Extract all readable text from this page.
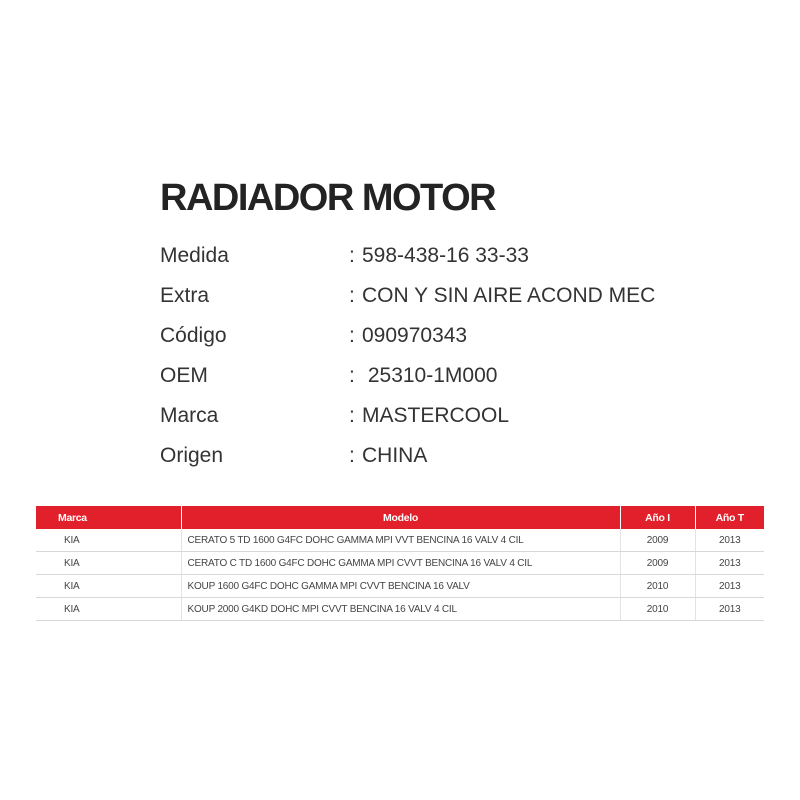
RADIADOR MOTOR
Medida	: 598-438-16 33-33
Extra	: CON Y SIN AIRE ACOND MEC
Código	: 090970343
OEM	: 25310-1M000
Marca	: MASTERCOOL
Origen	: CHINA
Marca	Modelo	Año I	Año T
KIA	CERATO 5 TD 1600 G4FC DOHC GAMMA MPI VVT BENCINA 16 VALV 4 CIL	2009	2013
KIA	CERATO C TD 1600 G4FC DOHC GAMMA MPI CVVT BENCINA 16 VALV 4 CIL	2009	2013
KIA	KOUP 1600 G4FC DOHC GAMMA MPI CVVT BENCINA 16 VALV	2010	2013
KIA	KOUP 2000 G4KD DOHC MPI CVVT BENCINA 16 VALV 4 CIL	2010	2013
